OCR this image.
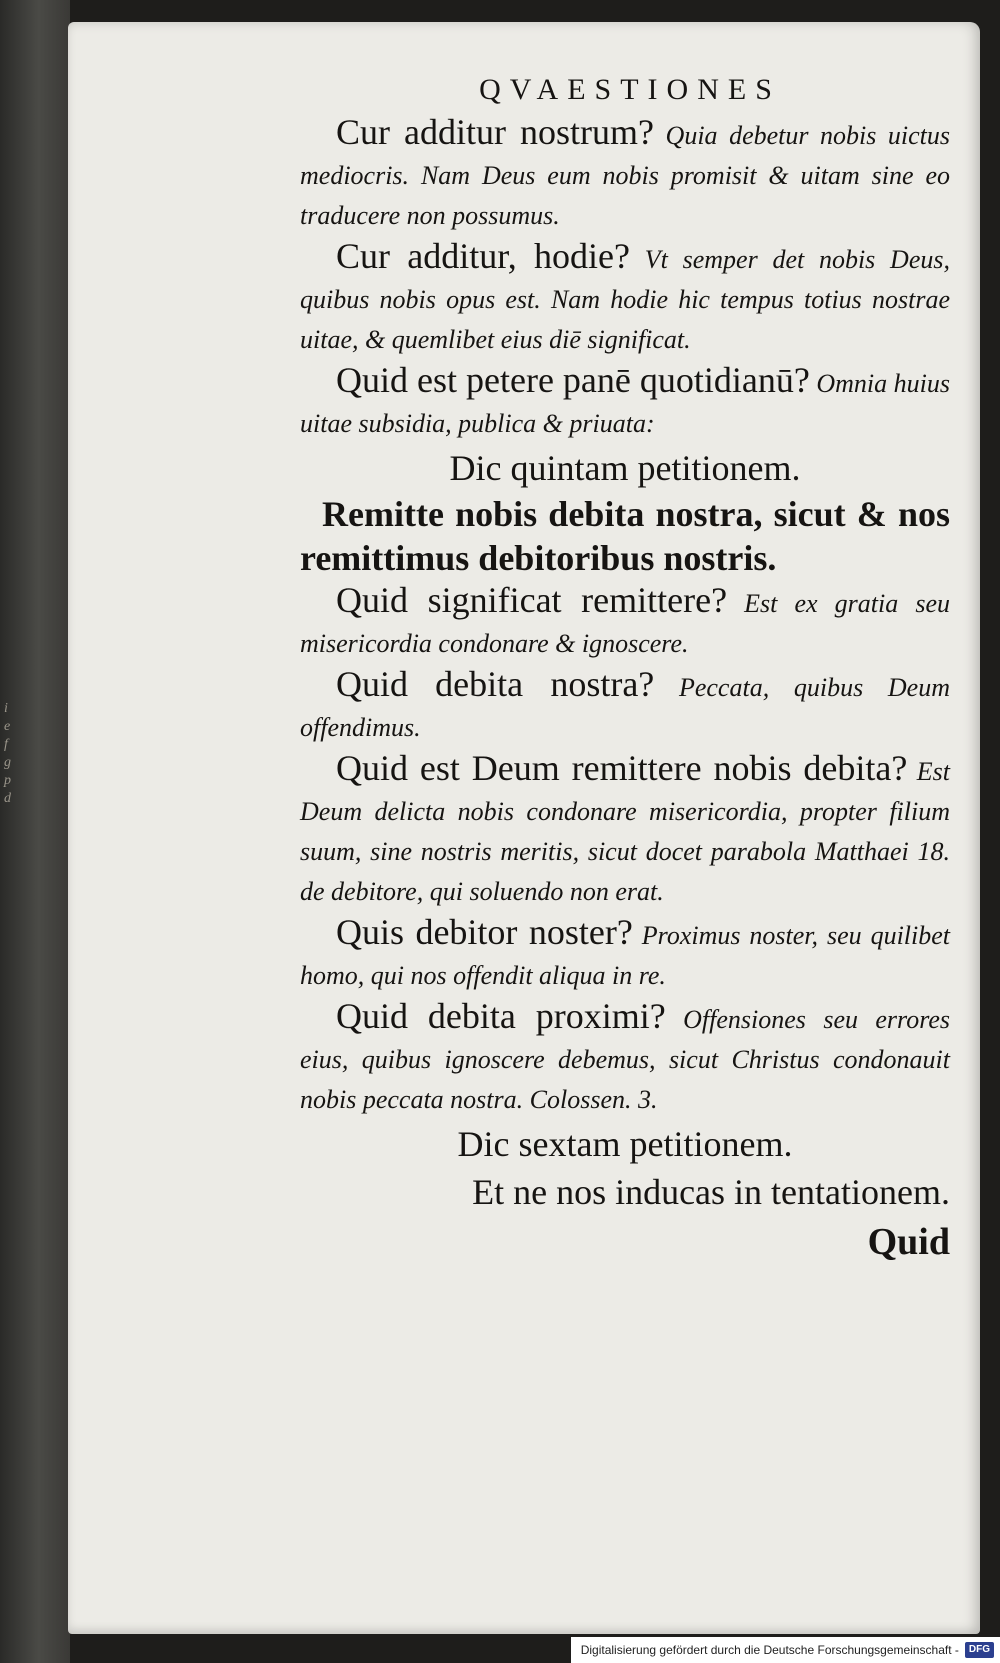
i
e
f
g
p
d
QVAESTIONES

Cur additur nostrum? Quia debetur nobis uictus mediocris. Nam Deus eum nobis promisit & uitam sine eo traducere non possumus.

Cur additur, hodie? Vt semper det nobis Deus, quibus nobis opus est. Nam hodie hic tempus totius nostrae uitae, & quemlibet eius diē significat.

Quid est petere panē quotidianū? Omnia huius uitae subsidia, publica & priuata:

Dic quintam petitionem.

Remitte nobis debita nostra, sicut & nos remittimus debitoribus nostris.

Quid significat remittere? Est ex gratia seu misericordia condonare & ignoscere.

Quid debita nostra? Peccata, quibus Deum offendimus.

Quid est Deum remittere nobis debita? Est Deum delicta nobis condonare misericordia, propter filium suum, sine nostris meritis, sicut docet parabola Matthaei 18. de debitore, qui soluendo non erat.

Quis debitor noster? Proximus noster, seu quilibet homo, qui nos offendit aliqua in re.

Quid debita proximi? Offensiones seu errores eius, quibus ignoscere debemus, sicut Christus condonauit nobis peccata nostra. Colossen. 3.

Dic sextam petitionem.

Et ne nos inducas in tentationem.

Quid

Digitalisierung gefördert durch die Deutsche Forschungsgemeinschaft -	DFG
